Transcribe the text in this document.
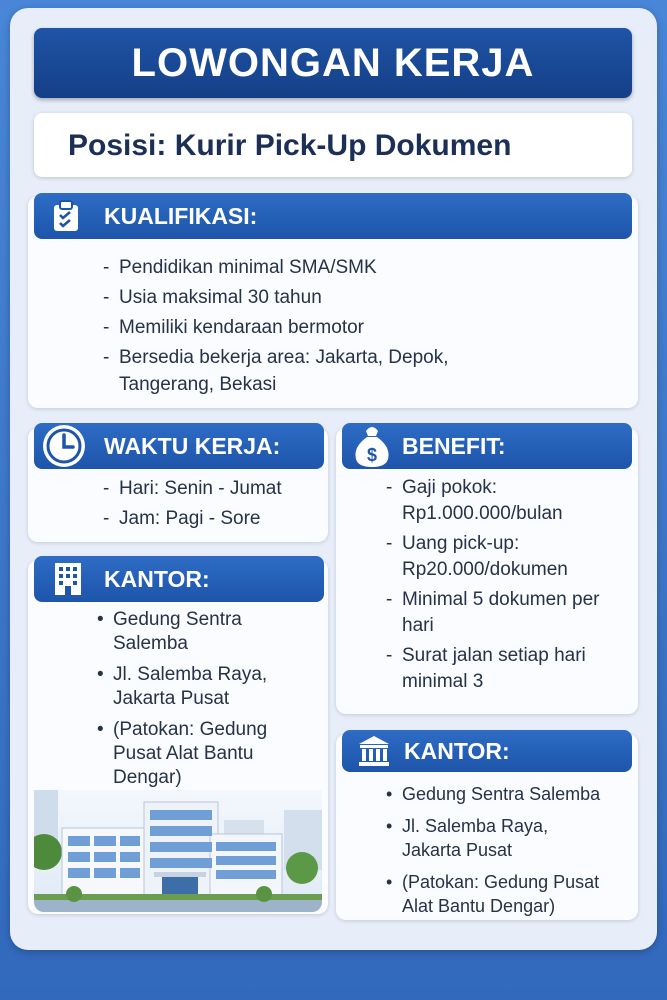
LOWONGAN KERJA
Posisi: Kurir Pick-Up Dokumen
KUALIFIKASI:
- Pendidikan minimal SMA/SMK
- Usia maksimal 30 tahun
- Memiliki kendaraan bermotor
- Bersedia bekerja area: Jakarta, Depok, Tangerang, Bekasi
WAKTU KERJA:
- Hari: Senin - Jumat
- Jam: Pagi - Sore
$ BENEFIT:
- Gaji pokok: Rp1.000.000/bulan
- Uang pick-up: Rp20.000/dokumen
- Minimal 5 dokumen per hari
- Surat jalan setiap hari minimal 3
KANTOR:
• Gedung Sentra Salemba
• Jl. Salemba Raya, Jakarta Pusat
• (Patokan: Gedung Pusat Alat Bantu Dengar)
KANTOR:
• Gedung Sentra Salemba
• Jl. Salemba Raya, Jakarta Pusat
• (Patokan: Gedung Pusat Alat Bantu Dengar)
